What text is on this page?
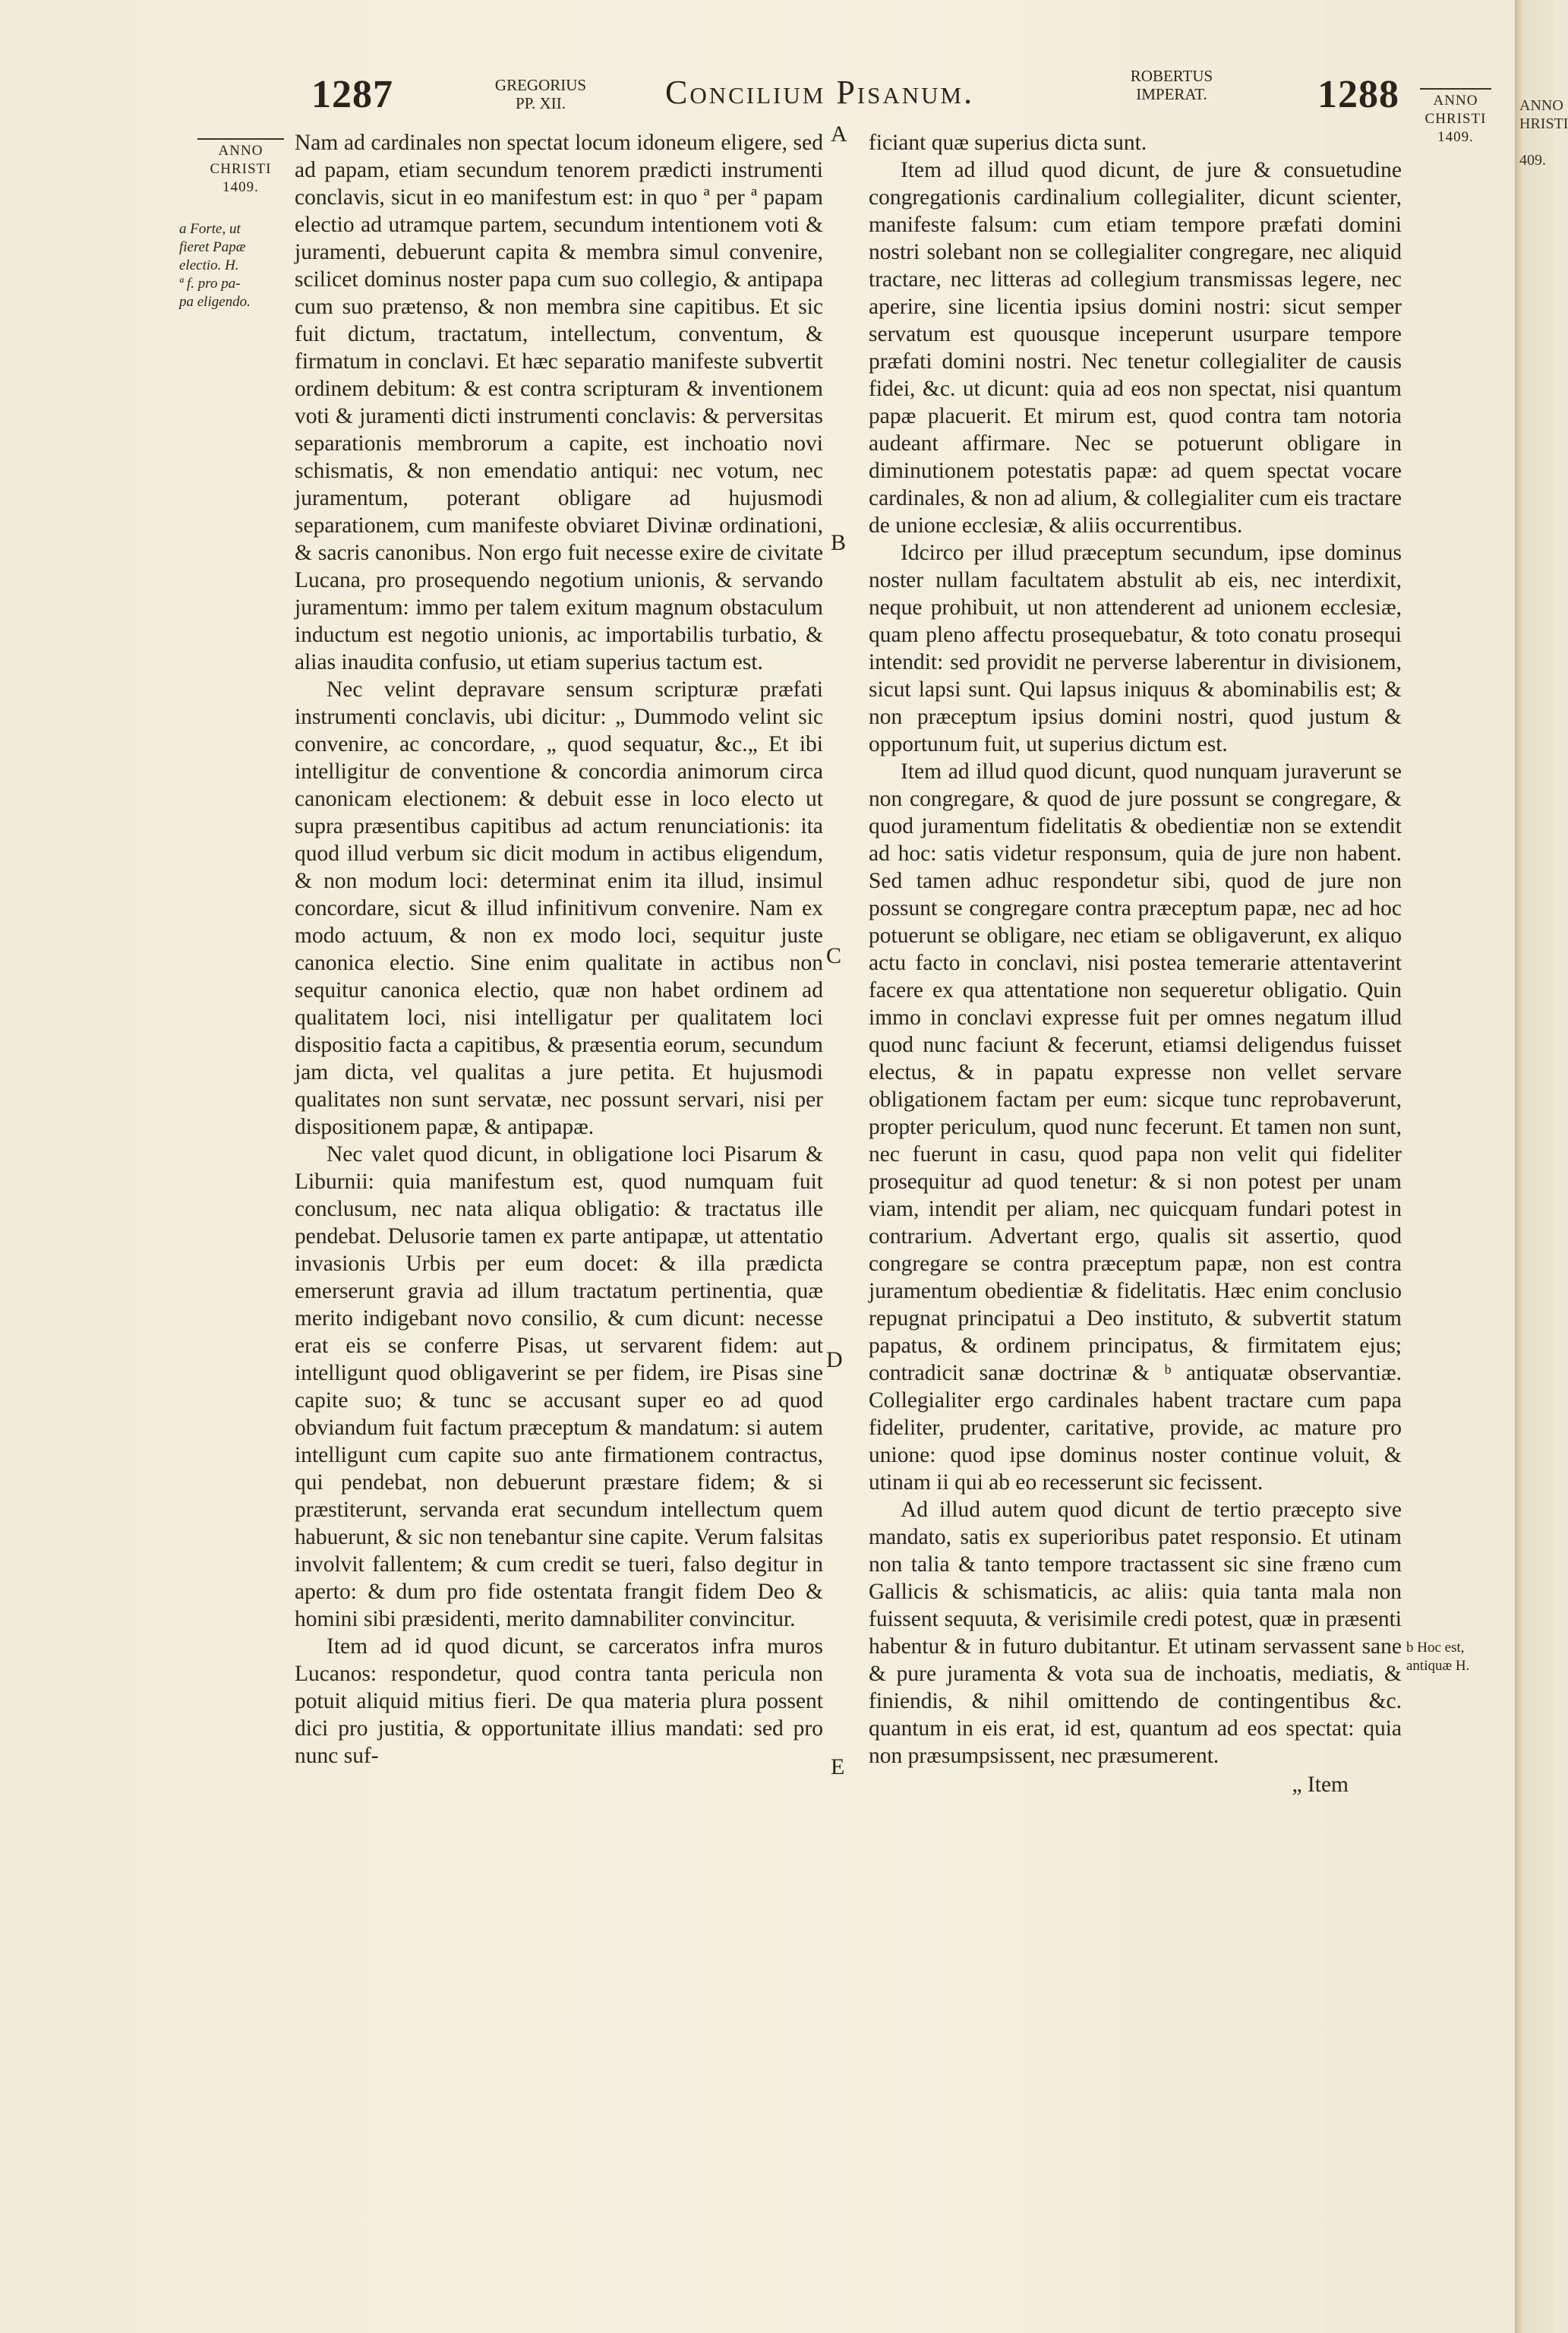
1287	GREGORIUS
PP. XII.	Concilium Pisanum.	ROBERTUS
IMPERAT.	1288
ANNO
CHRISTI
1409.
a Forte, ut
fieret Papæ
electio. H.
ª f. pro pa-
pa eligendo.
ANNO
CHRISTI
1409.
b Hoc est,
antiquæ H.
A
B
C
D
E

Nam ad cardinales non spectat locum idoneum eligere, sed ad papam, etiam secundum tenorem prædicti instrumenti conclavis, sicut in eo manifestum est: in quo ª per ª papam electio ad utramque partem, secundum intentionem voti & juramenti, debuerunt capita & membra simul convenire, scilicet dominus noster papa cum suo collegio, & antipapa cum suo prætenso, & non membra sine capitibus. Et sic fuit dictum, tractatum, intellectum, conventum, & firmatum in conclavi. Et hæc separatio manifeste subvertit ordinem debitum: & est contra scripturam & inventionem voti & juramenti dicti instrumenti conclavis: & perversitas separationis membrorum a capite, est inchoatio novi schismatis, & non emendatio antiqui: nec votum, nec juramentum, poterant obligare ad hujusmodi separationem, cum manifeste obviaret Divinæ ordinationi, & sacris canonibus. Non ergo fuit necesse exire de civitate Lucana, pro prosequendo negotium unionis, & servando juramentum: immo per talem exitum magnum obstaculum inductum est negotio unionis, ac importabilis turbatio, & alias inaudita confusio, ut etiam superius tactum est.

Nec velint depravare sensum scripturæ præfati instrumenti conclavis, ubi dicitur: „ Dummodo velint sic convenire, ac concordare, „ quod sequatur, &c.„ Et ibi intelligitur de conventione & concordia animorum circa canonicam electionem: & debuit esse in loco electo ut supra præsentibus capitibus ad actum renunciationis: ita quod illud verbum sic dicit modum in actibus eligendum, & non modum loci: determinat enim ita illud, insimul concordare, sicut & illud infinitivum convenire. Nam ex modo actuum, & non ex modo loci, sequitur juste canonica electio. Sine enim qualitate in actibus non sequitur canonica electio, quæ non habet ordinem ad qualitatem loci, nisi intelligatur per qualitatem loci dispositio facta a capitibus, & præsentia eorum, secundum jam dicta, vel qualitas a jure petita. Et hujusmodi qualitates non sunt servatæ, nec possunt servari, nisi per dispositionem papæ, & antipapæ.

Nec valet quod dicunt, in obligatione loci Pisarum & Liburnii: quia manifestum est, quod numquam fuit conclusum, nec nata aliqua obligatio: & tractatus ille pendebat. Delusorie tamen ex parte antipapæ, ut attentatio invasionis Urbis per eum docet: & illa prædicta emerserunt gravia ad illum tractatum pertinentia, quæ merito indigebant novo consilio, & cum dicunt: necesse erat eis se conferre Pisas, ut servarent fidem: aut intelligunt quod obligaverint se per fidem, ire Pisas sine capite suo; & tunc se accusant super eo ad quod obviandum fuit factum præceptum & mandatum: si autem intelligunt cum capite suo ante firmationem contractus, qui pendebat, non debuerunt præstare fidem; & si præstiterunt, servanda erat secundum intellectum quem habuerunt, & sic non tenebantur sine capite. Verum falsitas involvit fallentem; & cum credit se tueri, falso degitur in aperto: & dum pro fide ostentata frangit fidem Deo & homini sibi præsidenti, merito damnabiliter convincitur.

Item ad id quod dicunt, se carceratos infra muros Lucanos: respondetur, quod contra tanta pericula non potuit aliquid mitius fieri. De qua materia plura possent dici pro justitia, & opportunitate illius mandati: sed pro nunc suf-

ficiant quæ superius dicta sunt.

Item ad illud quod dicunt, de jure & consuetudine congregationis cardinalium collegialiter, dicunt scienter, manifeste falsum: cum etiam tempore præfati domini nostri solebant non se collegialiter congregare, nec aliquid tractare, nec litteras ad collegium transmissas legere, nec aperire, sine licentia ipsius domini nostri: sicut semper servatum est quousque inceperunt usurpare tempore præfati domini nostri. Nec tenetur collegialiter de causis fidei, &c. ut dicunt: quia ad eos non spectat, nisi quantum papæ placuerit. Et mirum est, quod contra tam notoria audeant affirmare. Nec se potuerunt obligare in diminutionem potestatis papæ: ad quem spectat vocare cardinales, & non ad alium, & collegialiter cum eis tractare de unione ecclesiæ, & aliis occurrentibus.

Idcirco per illud præceptum secundum, ipse dominus noster nullam facultatem abstulit ab eis, nec interdixit, neque prohibuit, ut non attenderent ad unionem ecclesiæ, quam pleno affectu prosequebatur, & toto conatu prosequi intendit: sed providit ne perverse laberentur in divisionem, sicut lapsi sunt. Qui lapsus iniquus & abominabilis est; & non præceptum ipsius domini nostri, quod justum & opportunum fuit, ut superius dictum est.

Item ad illud quod dicunt, quod nunquam juraverunt se non congregare, & quod de jure possunt se congregare, & quod juramentum fidelitatis & obedientiæ non se extendit ad hoc: satis videtur responsum, quia de jure non habent. Sed tamen adhuc respondetur sibi, quod de jure non possunt se congregare contra præceptum papæ, nec ad hoc potuerunt se obligare, nec etiam se obligaverunt, ex aliquo actu facto in conclavi, nisi postea temerarie attentaverint facere ex qua attentatione non sequeretur obligatio. Quin immo in conclavi expresse fuit per omnes negatum illud quod nunc faciunt & fecerunt, etiamsi deligendus fuisset electus, & in papatu expresse non vellet servare obligationem factam per eum: sicque tunc reprobaverunt, propter periculum, quod nunc fecerunt. Et tamen non sunt, nec fuerunt in casu, quod papa non velit qui fideliter prosequitur ad quod tenetur: & si non potest per unam viam, intendit per aliam, nec quicquam fundari potest in contrarium. Advertant ergo, qualis sit assertio, quod congregare se contra præceptum papæ, non est contra juramentum obedientiæ & fidelitatis. Hæc enim conclusio repugnat principatui a Deo instituto, & subvertit statum papatus, & ordinem principatus, & firmitatem ejus; contradicit sanæ doctrinæ & ᵇ antiquatæ observantiæ. Collegialiter ergo cardinales habent tractare cum papa fideliter, prudenter, caritative, provide, ac mature pro unione: quod ipse dominus noster continue voluit, & utinam ii qui ab eo recesserunt sic fecissent.

Ad illud autem quod dicunt de tertio præcepto sive mandato, satis ex superioribus patet responsio. Et utinam non talia & tanto tempore tractassent sic sine fræno cum Gallicis & schismaticis, ac aliis: quia tanta mala non fuissent sequuta, & verisimile credi potest, quæ in præsenti habentur & in futuro dubitantur. Et utinam servassent sane & pure juramenta & vota sua de inchoatis, mediatis, & finiendis, & nihil omittendo de contingentibus &c. quantum in eis erat, id est, quantum ad eos spectat: quia non præsumpsissent, nec præsumerent.

„ Item

ANNO
HRISTI
409.
